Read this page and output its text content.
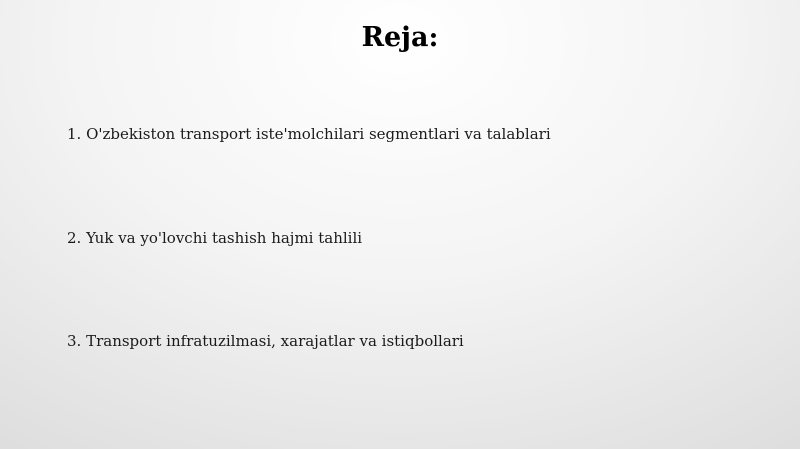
Reja:
1. O'zbekiston transport iste'molchilari segmentlari va talablari
2. Yuk va yo'lovchi tashish hajmi tahlili
3. Transport infratuzilmasi, xarajatlar va istiqbollari
